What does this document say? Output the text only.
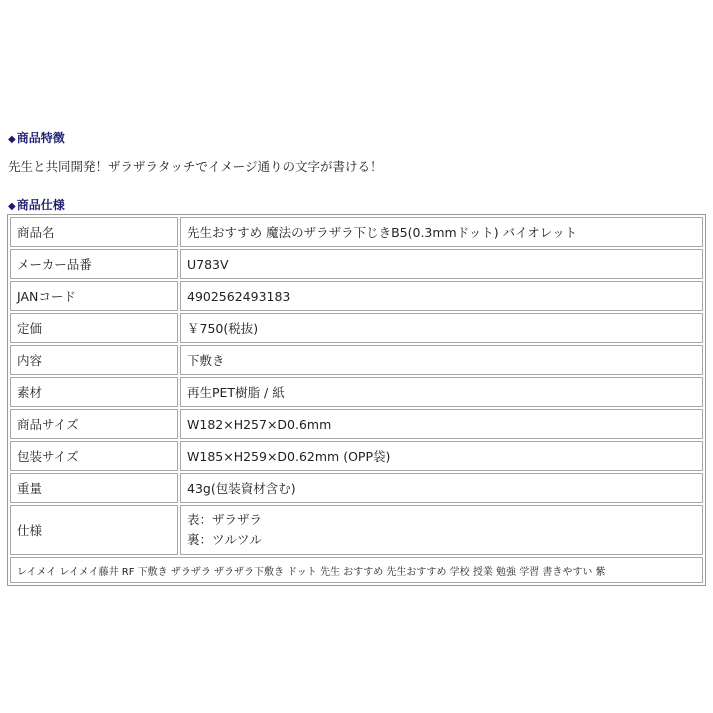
◆商品特徴
先生と共同開発！ザラザラタッチでイメージ通りの文字が書ける！
◆商品仕様
商品名	先生おすすめ 魔法のザラザラ下じきB5(0.3mmドット) バイオレット
メーカー品番	U783V
JANコード	4902562493183
定価	￥750(税抜)
内容	下敷き
素材	再生PET樹脂 / 紙
商品サイズ	W182×H257×D0.6mm
包装サイズ	W185×H259×D0.62mm (OPP袋)
重量	43g(包装資材含む)
仕様	表：ザラザラ
裏：ツルツル

レイメイ レイメイ藤井 RF 下敷き ザラザラ ザラザラ下敷き ドット 先生 おすすめ 先生おすすめ 学校 授業 勉強 学習 書きやすい 紫	
